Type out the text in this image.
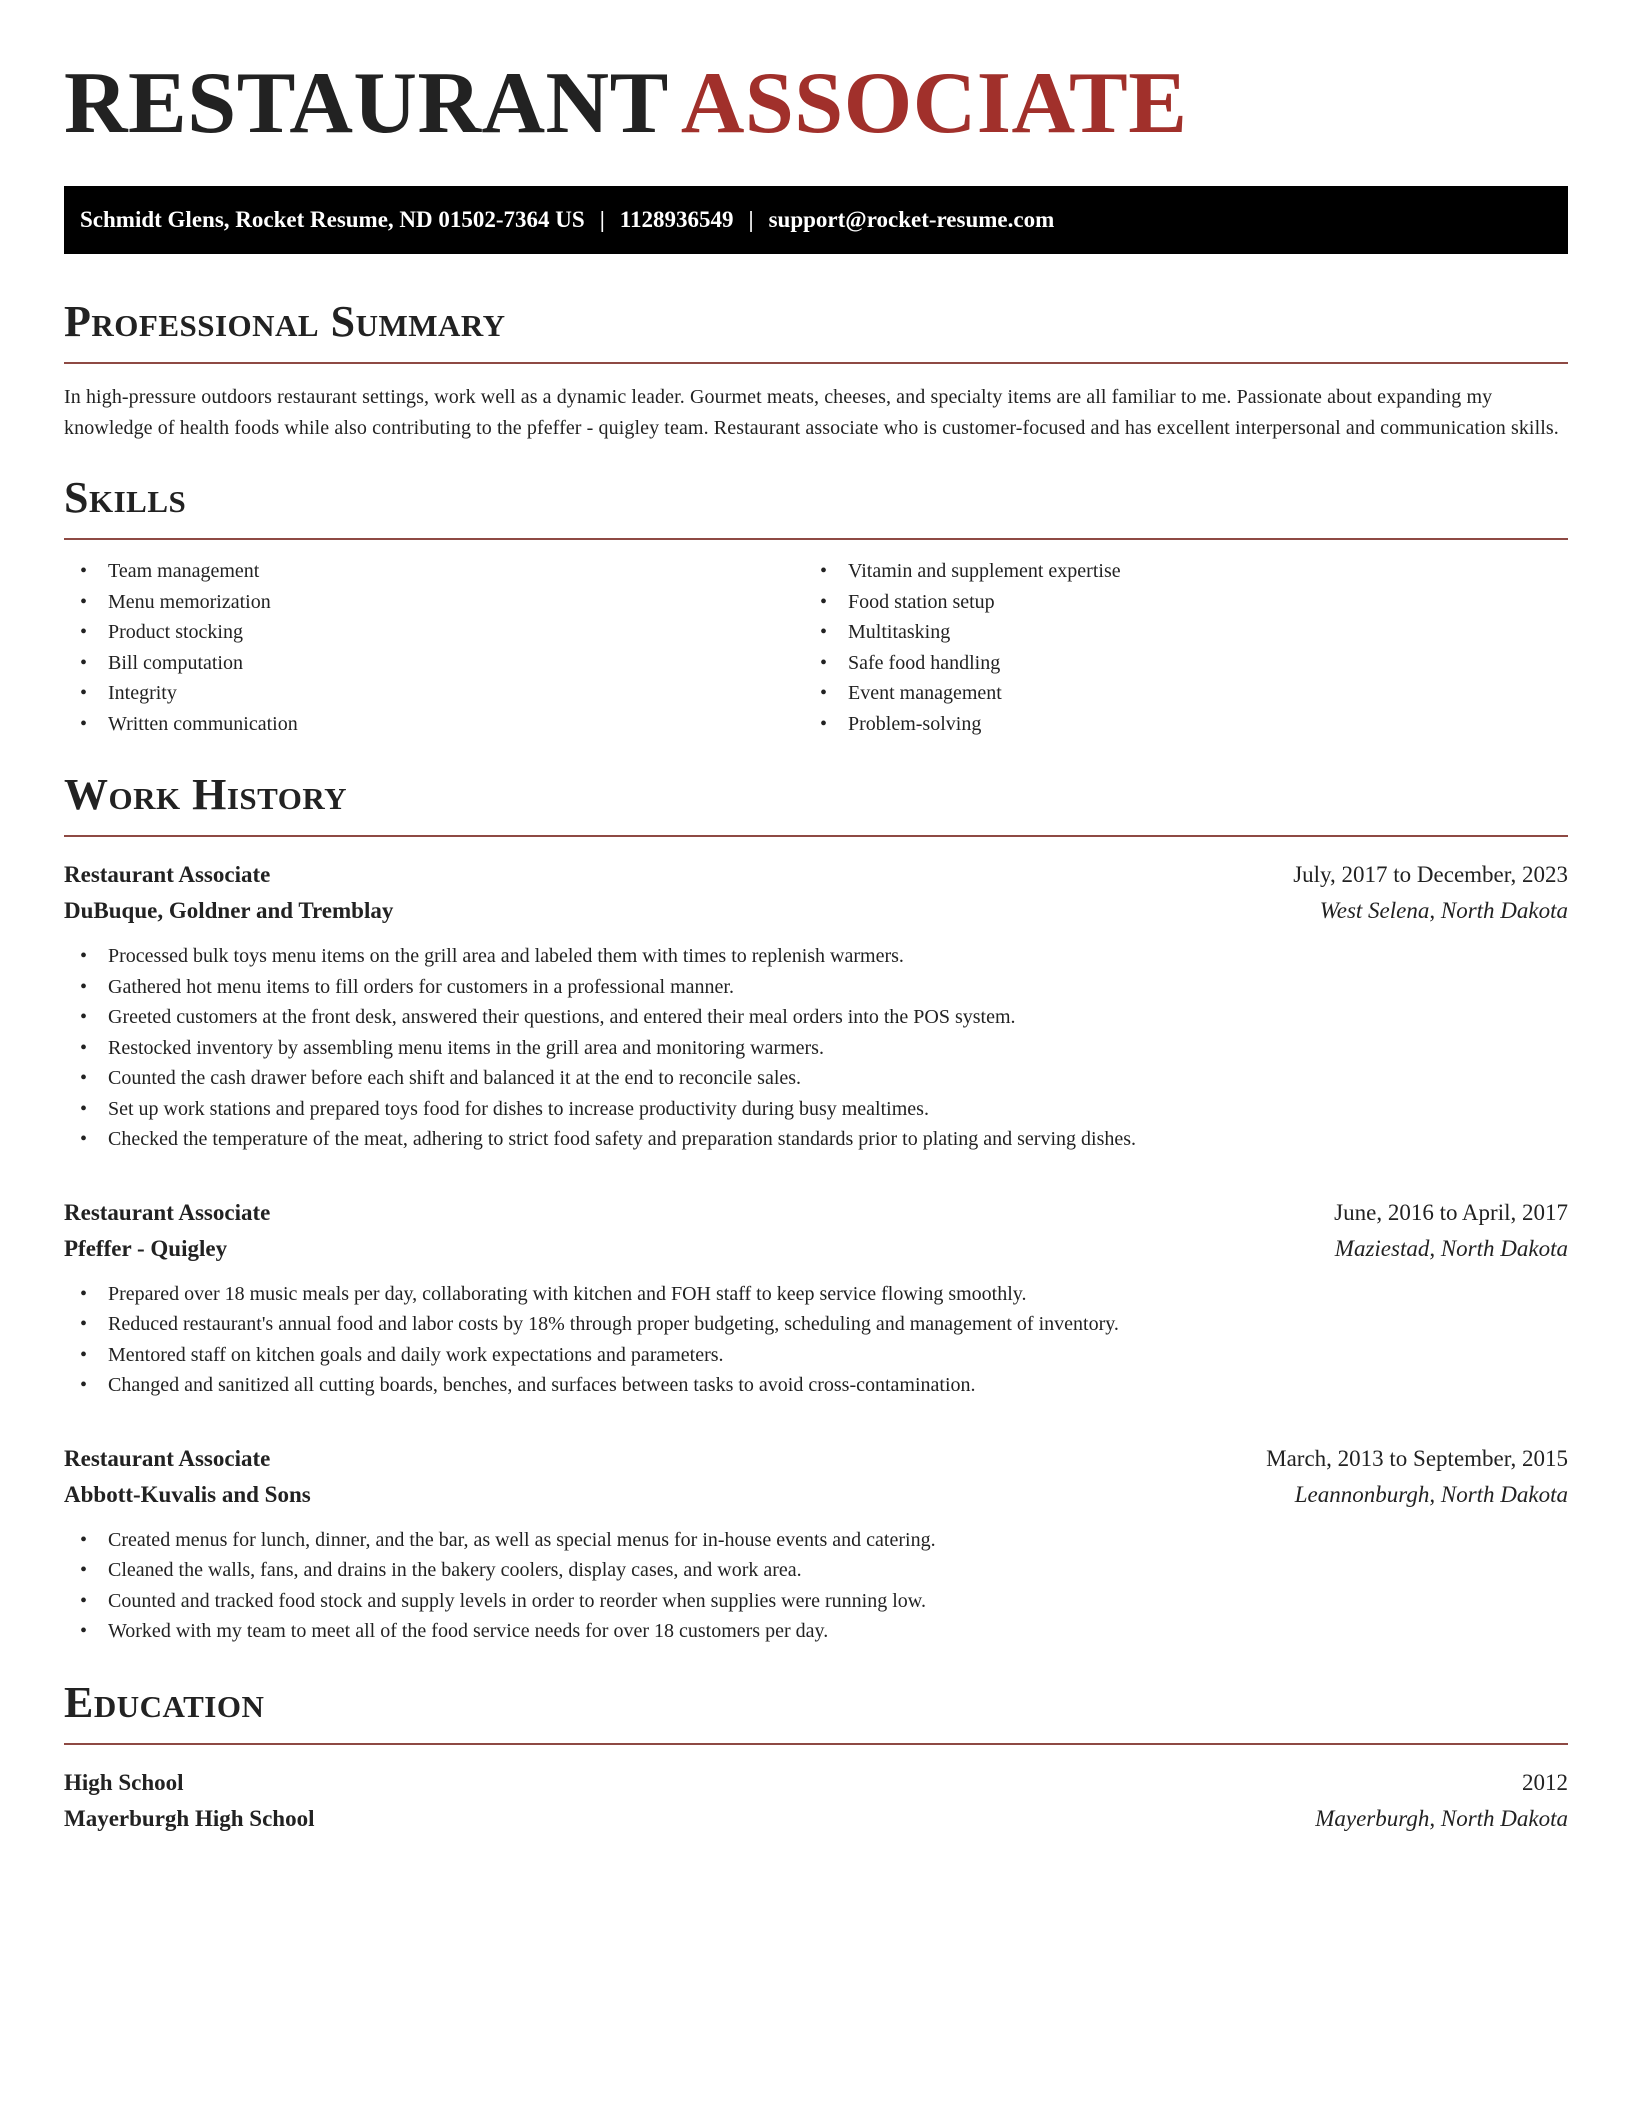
RESTAURANT ASSOCIATE
Schmidt Glens, Rocket Resume, ND 01502-7364 US | 1128936549 | support@rocket-resume.com
Professional Summary

In high-pressure outdoors restaurant settings, work well as a dynamic leader. Gourmet meats, cheeses, and specialty items are all familiar to me. Passionate about expanding my knowledge of health foods while also contributing to the pfeffer - quigley team. Restaurant associate who is customer-focused and has excellent interpersonal and communication skills.

Skills
• Team management
• Menu memorization
• Product stocking
• Bill computation
• Integrity
• Written communication
• Vitamin and supplement expertise
• Food station setup
• Multitasking
• Safe food handling
• Event management
• Problem-solving
Work History
Restaurant Associate	July, 2017 to December, 2023
DuBuque, Goldner and Tremblay	West Selena, North Dakota
• Processed bulk toys menu items on the grill area and labeled them with times to replenish warmers.
• Gathered hot menu items to fill orders for customers in a professional manner.
• Greeted customers at the front desk, answered their questions, and entered their meal orders into the POS system.
• Restocked inventory by assembling menu items in the grill area and monitoring warmers.
• Counted the cash drawer before each shift and balanced it at the end to reconcile sales.
• Set up work stations and prepared toys food for dishes to increase productivity during busy mealtimes.
• Checked the temperature of the meat, adhering to strict food safety and preparation standards prior to plating and serving dishes.
Restaurant Associate	June, 2016 to April, 2017
Pfeffer - Quigley	Maziestad, North Dakota
• Prepared over 18 music meals per day, collaborating with kitchen and FOH staff to keep service flowing smoothly.
• Reduced restaurant's annual food and labor costs by 18% through proper budgeting, scheduling and management of inventory.
• Mentored staff on kitchen goals and daily work expectations and parameters.
• Changed and sanitized all cutting boards, benches, and surfaces between tasks to avoid cross-contamination.
Restaurant Associate	March, 2013 to September, 2015
Abbott-Kuvalis and Sons	Leannonburgh, North Dakota
• Created menus for lunch, dinner, and the bar, as well as special menus for in-house events and catering.
• Cleaned the walls, fans, and drains in the bakery coolers, display cases, and work area.
• Counted and tracked food stock and supply levels in order to reorder when supplies were running low.
• Worked with my team to meet all of the food service needs for over 18 customers per day.
Education
High School	2012
Mayerburgh High School	Mayerburgh, North Dakota
